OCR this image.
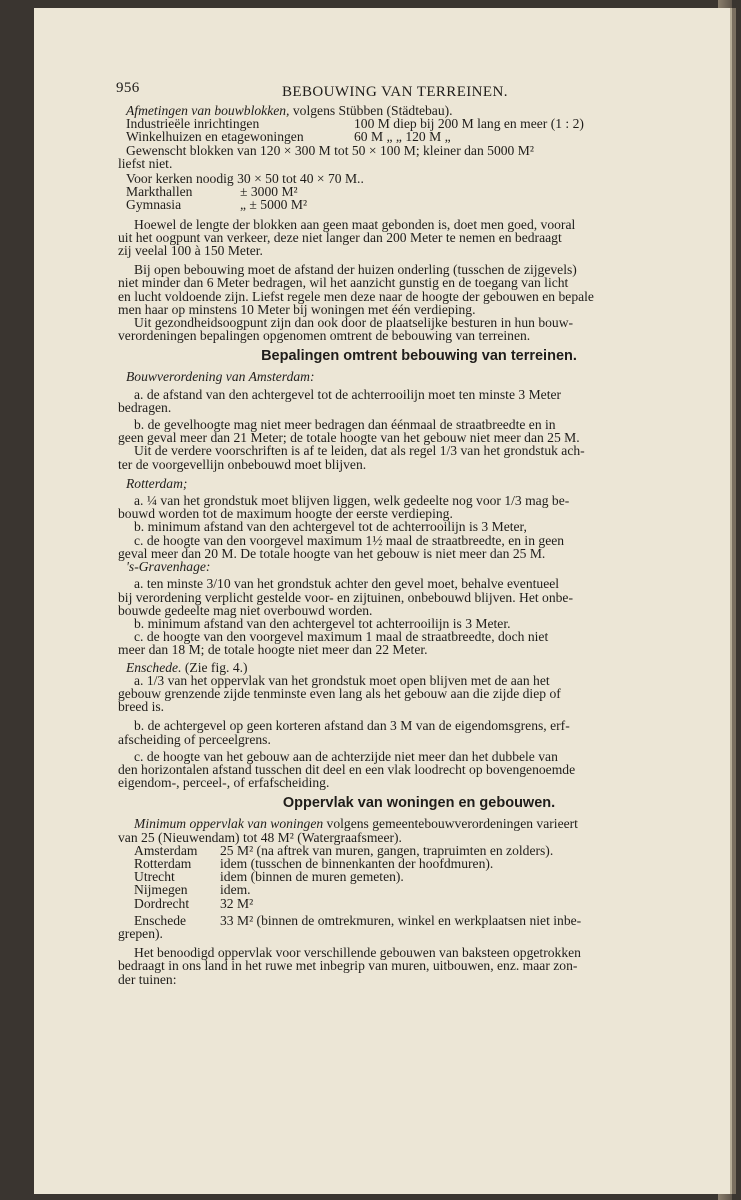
956	BEBOUWING VAN TERREINEN.
Afmetingen van bouwblokken, volgens Stübben (Städtebau).
Industrieële inrichtingen	100 M diep bij 200 M lang en meer (1 : 2)
Winkelhuizen en etagewoningen	60 M „ „ 120 M „
Gewenscht blokken van 120 × 300 M tot 50 × 100 M; kleiner dan 5000 M²
liefst niet.
Voor kerken noodig 30 × 50 tot 40 × 70 M..
Markthallen	± 3000 M²
Gymnasia	„ ± 5000 M²
Hoewel de lengte der blokken aan geen maat gebonden is, doet men goed, vooral
uit het oogpunt van verkeer, deze niet langer dan 200 Meter te nemen en bedraagt
zij veelal 100 à 150 Meter.
Bij open bebouwing moet de afstand der huizen onderling (tusschen de zijgevels)
niet minder dan 6 Meter bedragen, wil het aanzicht gunstig en de toegang van licht
en lucht voldoende zijn. Liefst regele men deze naar de hoogte der gebouwen en bepale
men haar op minstens 10 Meter bij woningen met één verdieping.
Uit gezondheidsoogpunt zijn dan ook door de plaatselijke besturen in hun bouw-
verordeningen bepalingen opgenomen omtrent de bebouwing van terreinen.
Bepalingen omtrent bebouwing van terreinen.
Bouwverordening van Amsterdam:
a. de afstand van den achtergevel tot de achterrooilijn moet ten minste 3 Meter
bedragen.
b. de gevelhoogte mag niet meer bedragen dan éénmaal de straatbreedte en in
geen geval meer dan 21 Meter; de totale hoogte van het gebouw niet meer dan 25 M.
Uit de verdere voorschriften is af te leiden, dat als regel 1/3 van het grondstuk ach-
ter de voorgevellijn onbebouwd moet blijven.
Rotterdam;
a. ¼ van het grondstuk moet blijven liggen, welk gedeelte nog voor 1/3 mag be-
bouwd worden tot de maximum hoogte der eerste verdieping.
b. minimum afstand van den achtergevel tot de achterrooilijn is 3 Meter,
c. de hoogte van den voorgevel maximum 1½ maal de straatbreedte, en in geen
geval meer dan 20 M. De totale hoogte van het gebouw is niet meer dan 25 M.
's-Gravenhage:
a. ten minste 3/10 van het grondstuk achter den gevel moet, behalve eventueel
bij verordening verplicht gestelde voor- en zijtuinen, onbebouwd blijven. Het onbe-
bouwde gedeelte mag niet overbouwd worden.
b. minimum afstand van den achtergevel tot achterrooilijn is 3 Meter.
c. de hoogte van den voorgevel maximum 1 maal de straatbreedte, doch niet
meer dan 18 M; de totale hoogte niet meer dan 22 Meter.
Enschede. (Zie fig. 4.)
a. 1/3 van het oppervlak van het grondstuk moet open blijven met de aan het
gebouw grenzende zijde tenminste even lang als het gebouw aan die zijde diep of
breed is.
b. de achtergevel op geen korteren afstand dan 3 M van de eigendomsgrens, erf-
afscheiding of perceelgrens.
c. de hoogte van het gebouw aan de achterzijde niet meer dan het dubbele van
den horizontalen afstand tusschen dit deel en een vlak loodrecht op bovengenoemde
eigendom-, perceel-, of erfafscheiding.
Oppervlak van woningen en gebouwen.
Minimum oppervlak van woningen volgens gemeentebouwverordeningen varieert
van 25 (Nieuwendam) tot 48 M² (Watergraafsmeer).
Amsterdam 25 M² (na aftrek van muren, gangen, trapruimten en zolders).
Rotterdam idem (tusschen de binnenkanten der hoofdmuren).
Utrecht	idem (binnen de muren gemeten).
Nijmegen idem.
Dordrecht 32 M²
Enschede 33 M² (binnen de omtrekmuren, winkel en werkplaatsen niet inbe-
grepen).
Het benoodigd oppervlak voor verschillende gebouwen van baksteen opgetrokken
bedraagt in ons land in het ruwe met inbegrip van muren, uitbouwen, enz. maar zon-
der tuinen:
